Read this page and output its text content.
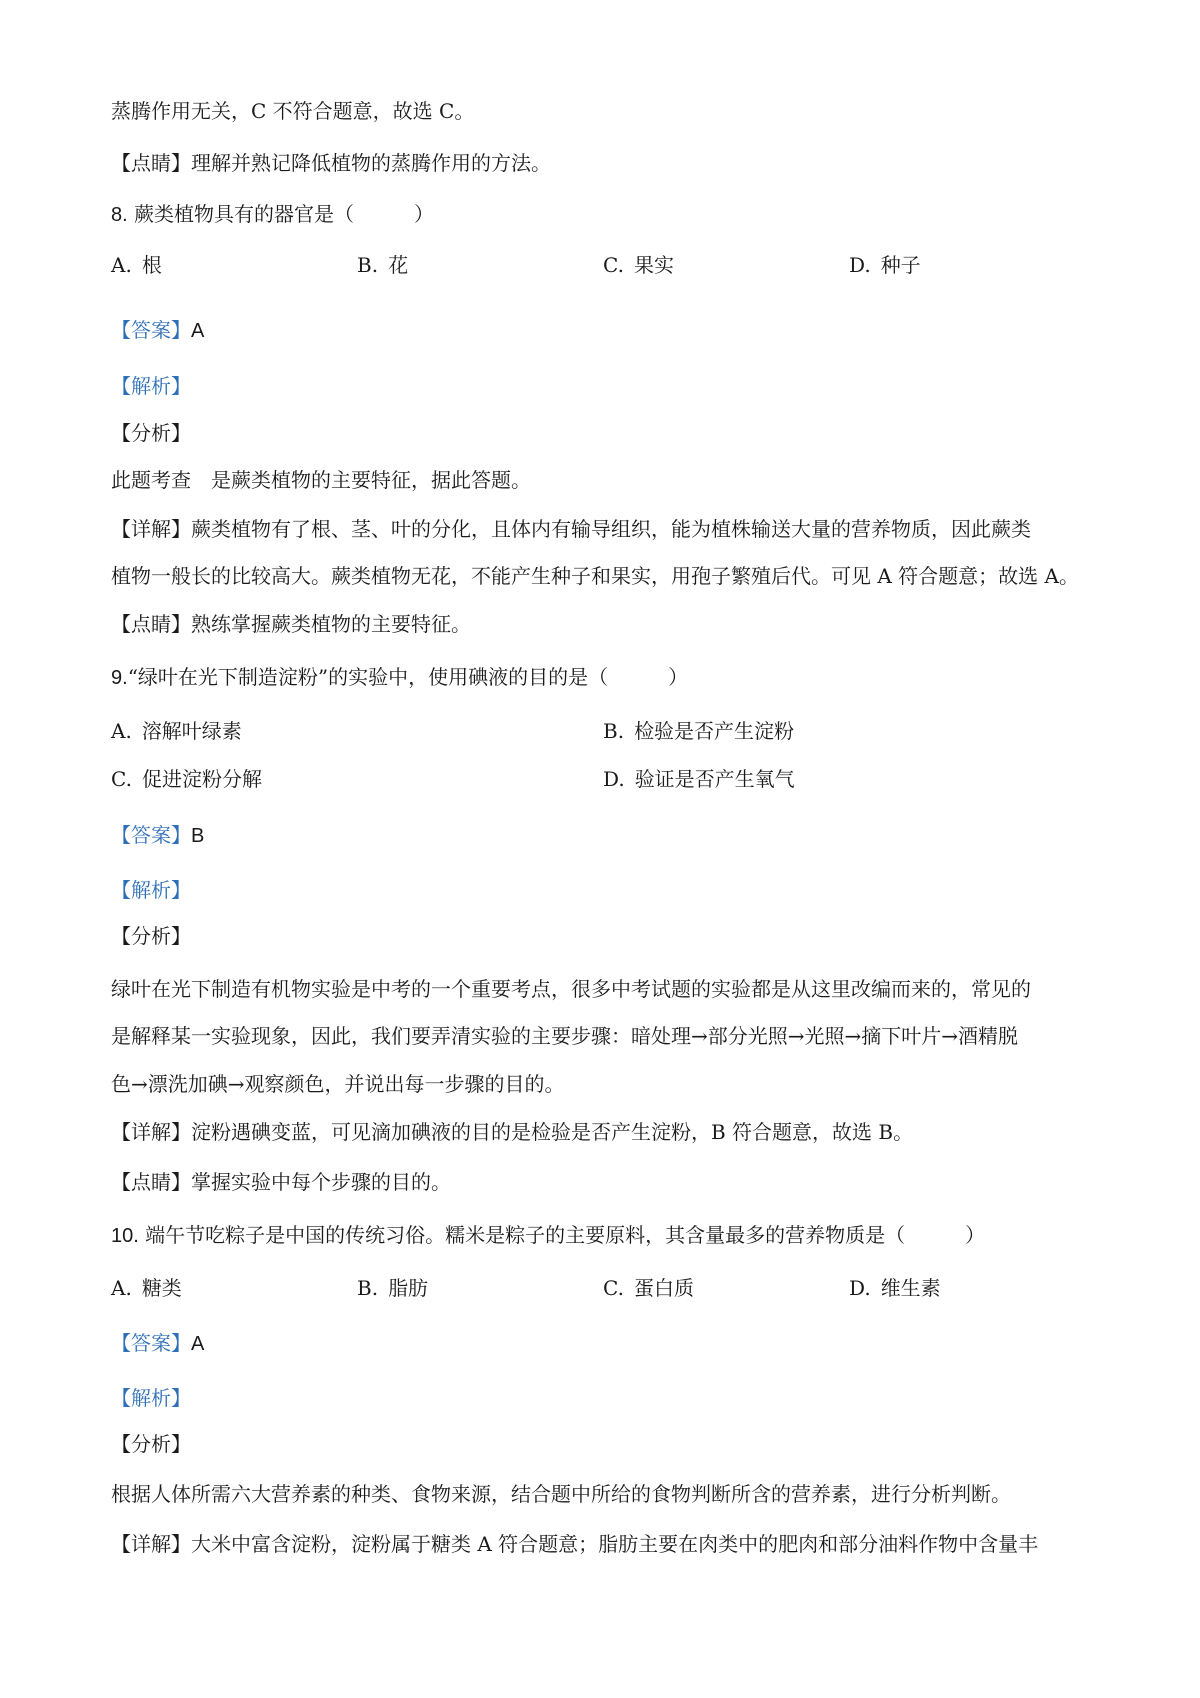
蒸腾作用无关，C 不符合题意，故选 C。
【点睛】理解并熟记降低植物的蒸腾作用的方法。
8. 蕨类植物具有的器官是（　　　）
A. 根	B. 花	C. 果实	D. 种子
【答案】A
【解析】
【分析】
此题考查　是蕨类植物的主要特征，据此答题。
【详解】蕨类植物有了根、茎、叶的分化，且体内有输导组织，能为植株输送大量的营养物质，因此蕨类
植物一般长的比较高大。蕨类植物无花，不能产生种子和果实，用孢子繁殖后代。可见 A 符合题意；故选 A。
【点睛】熟练掌握蕨类植物的主要特征。
9.“绿叶在光下制造淀粉”的实验中，使用碘液的目的是（　　　）
A. 溶解叶绿素	B. 检验是否产生淀粉
C. 促进淀粉分解	D. 验证是否产生氧气
【答案】B
【解析】
【分析】
绿叶在光下制造有机物实验是中考的一个重要考点，很多中考试题的实验都是从这里改编而来的，常见的
是解释某一实验现象，因此，我们要弄清实验的主要步骤：暗处理→部分光照→光照→摘下叶片→酒精脱
色→漂洗加碘→观察颜色，并说出每一步骤的目的。
【详解】淀粉遇碘变蓝，可见滴加碘液的目的是检验是否产生淀粉，B 符合题意，故选 B。
【点睛】掌握实验中每个步骤的目的。
10. 端午节吃粽子是中国的传统习俗。糯米是粽子的主要原料，其含量最多的营养物质是（　　　）
A. 糖类	B. 脂肪	C. 蛋白质	D. 维生素
【答案】A
【解析】
【分析】
根据人体所需六大营养素的种类、食物来源，结合题中所给的食物判断所含的营养素，进行分析判断。
【详解】大米中富含淀粉，淀粉属于糖类 A 符合题意；脂肪主要在肉类中的肥肉和部分油料作物中含量丰
